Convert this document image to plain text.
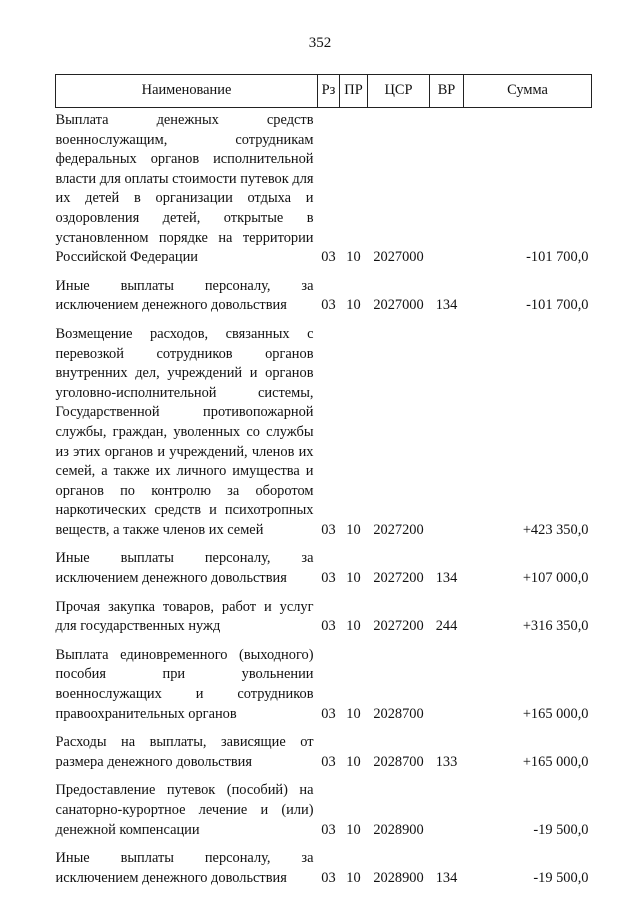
352
Наименование	Рз	ПР	ЦСР	ВР	Сумма
Выплата денежных средств военнослужащим, сотрудникам федеральных органов исполнительной власти для оплаты стоимости путевок для их детей в организации отдыха и оздоровления детей, открытые в установленном порядке на территории Российской Федерации	03	10	2027000		-101 700,0
Иные выплаты персоналу, за исключением денежного довольствия	03	10	2027000	134	-101 700,0
Возмещение расходов, связанных с перевозкой сотрудников органов внутренних дел, учреждений и органов уголовно-исполнительной системы, Государственной противопожарной службы, граждан, уволенных со службы из этих органов и учреждений, членов их семей, а также их личного имущества и органов по контролю за оборотом наркотических средств и психотропных веществ, а также членов их семей	03	10	2027200		+423 350,0
Иные выплаты персоналу, за исключением денежного довольствия	03	10	2027200	134	+107 000,0
Прочая закупка товаров, работ и услуг для государственных нужд	03	10	2027200	244	+316 350,0
Выплата единовременного (выходного) пособия при увольнении военнослужащих и сотрудников правоохранительных органов	03	10	2028700		+165 000,0
Расходы на выплаты, зависящие от размера денежного довольствия	03	10	2028700	133	+165 000,0
Предоставление путевок (пособий) на санаторно-курортное лечение и (или) денежной компенсации	03	10	2028900		-19 500,0
Иные выплаты персоналу, за исключением денежного довольствия	03	10	2028900	134	-19 500,0
